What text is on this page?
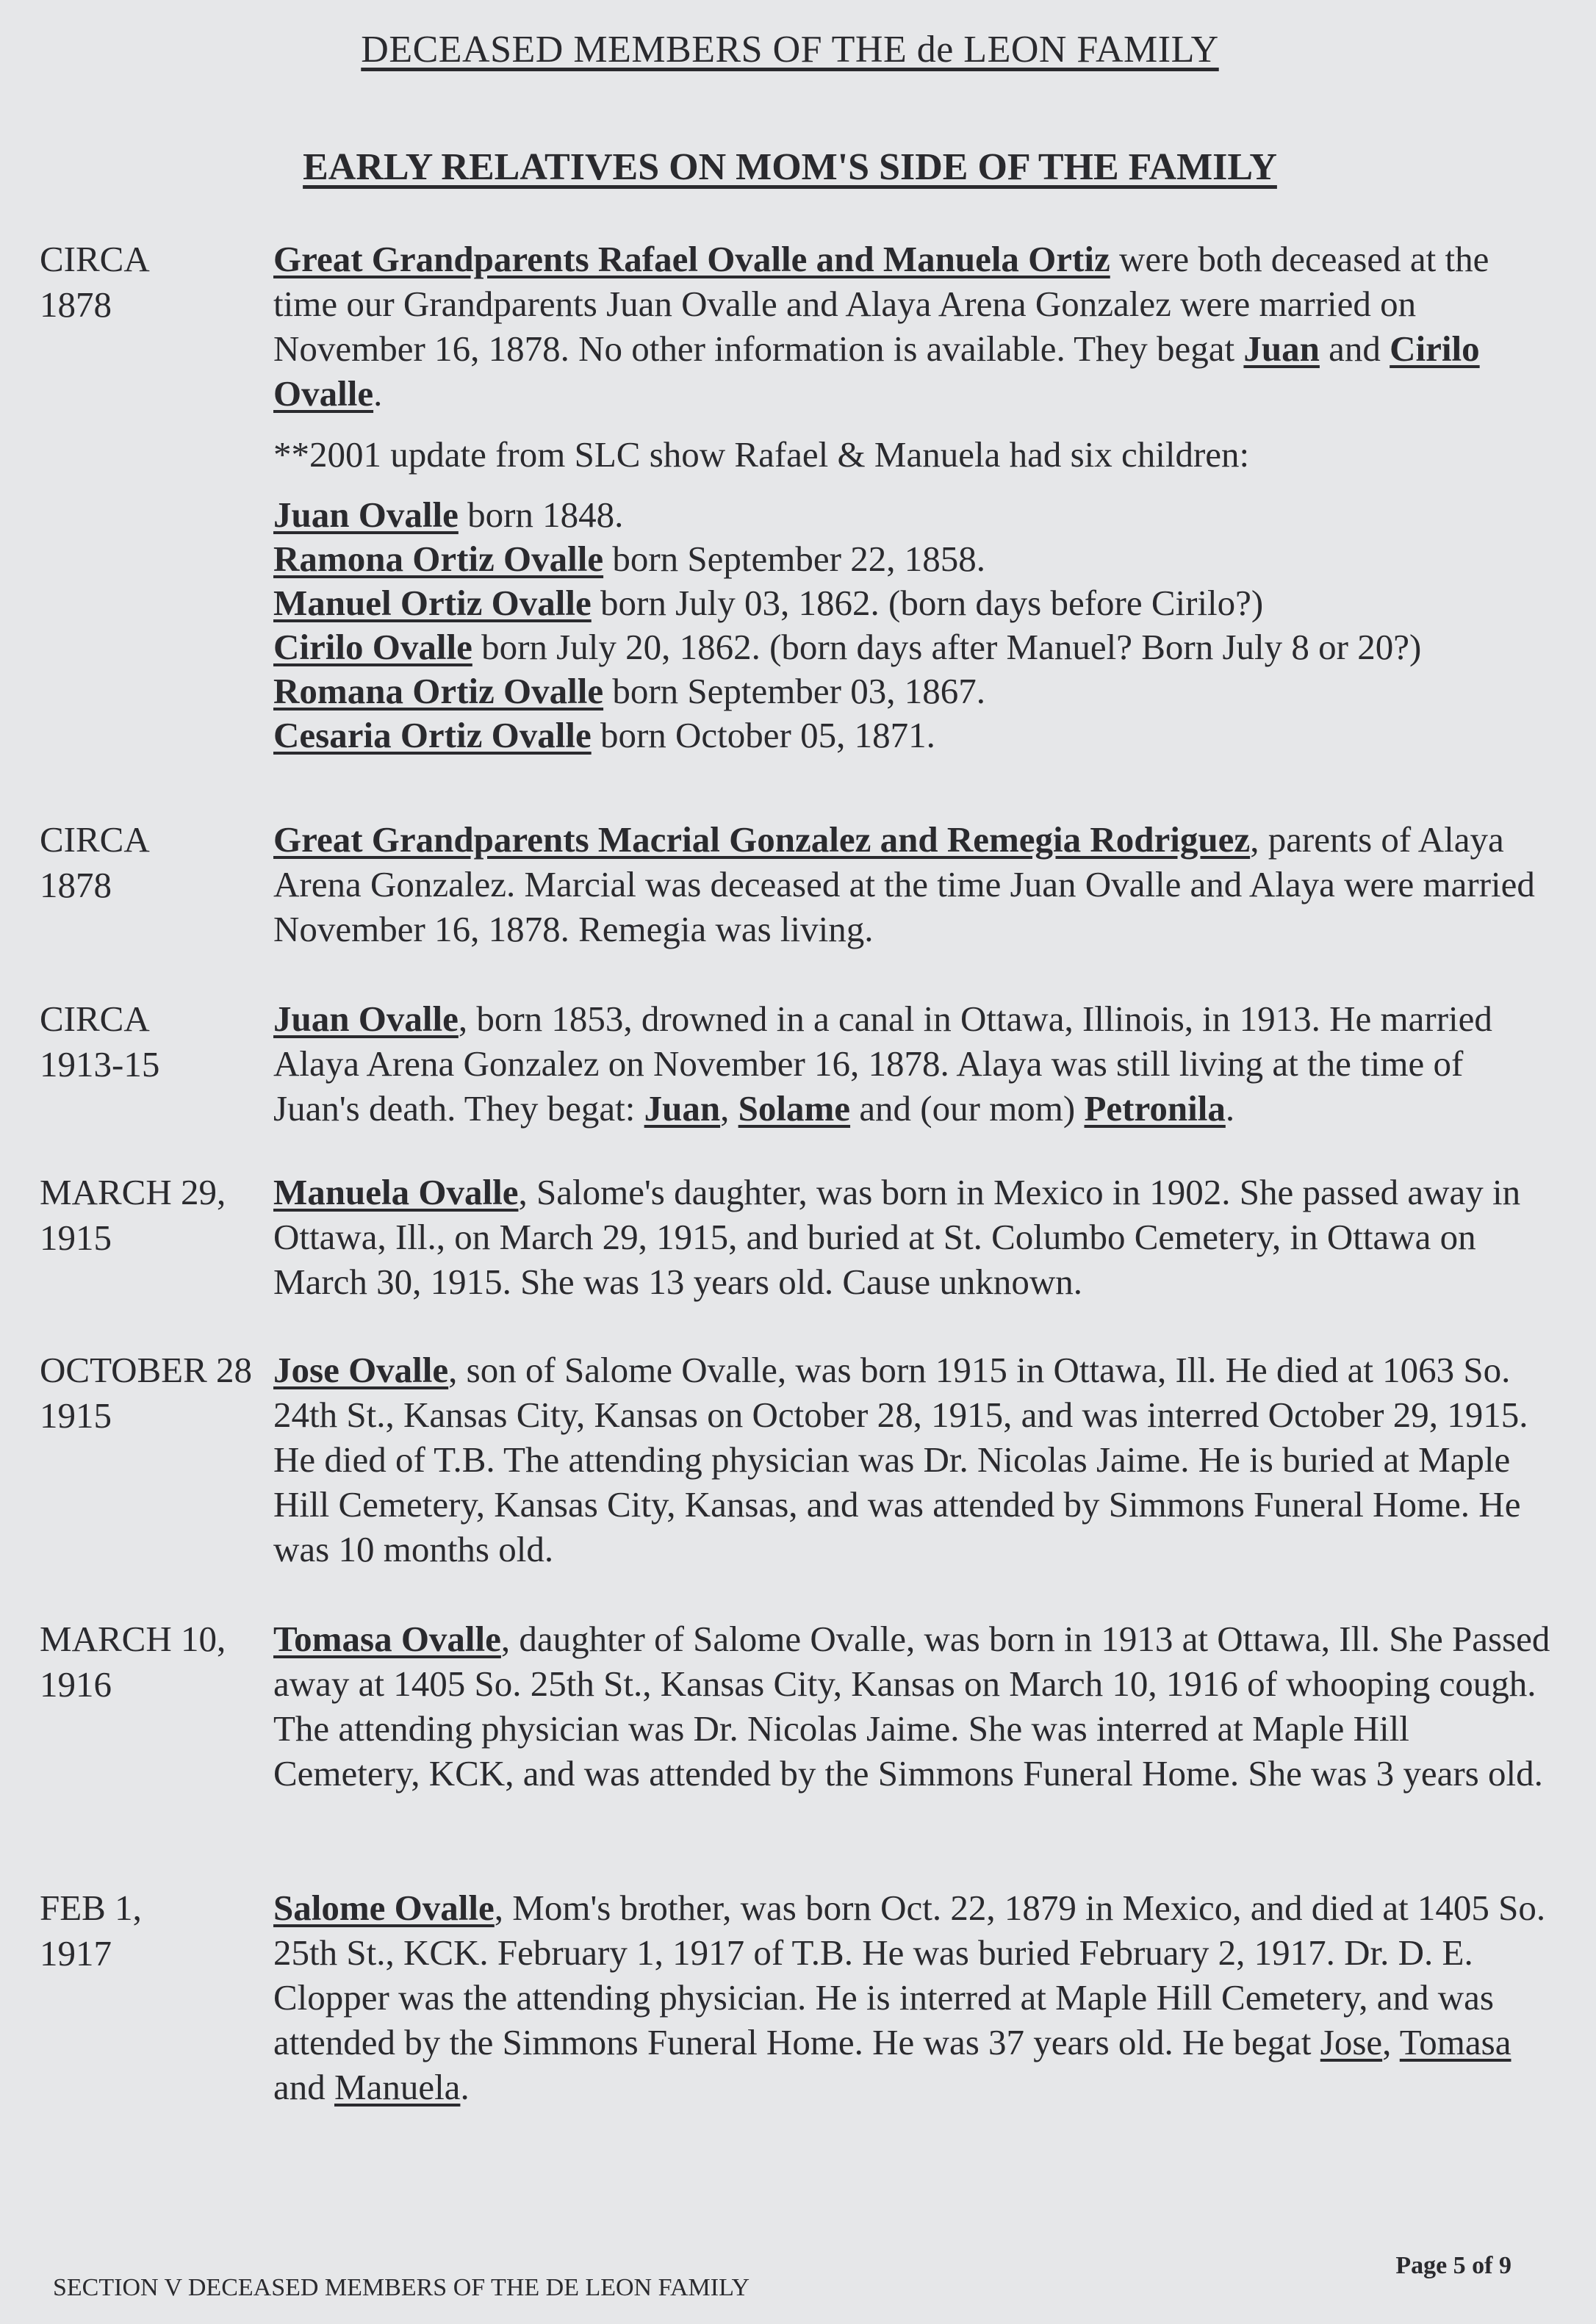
DECEASED MEMBERS OF THE de LEON FAMILY
EARLY RELATIVES ON MOM'S SIDE OF THE FAMILY
CIRCA
1878

Great Grandparents Rafael Ovalle and Manuela Ortiz were both deceased at the time our Grandparents Juan Ovalle and Alaya Arena Gonzalez were married on November 16, 1878. No other information is available. They begat Juan and Cirilo Ovalle.

**2001 update from SLC show Rafael & Manuela had six children:

Juan Ovalle born 1848.
Ramona Ortiz Ovalle born September 22, 1858.
Manuel Ortiz Ovalle born July 03, 1862. (born days before Cirilo?)
Cirilo Ovalle born July 20, 1862. (born days after Manuel? Born July 8 or 20?)
Romana Ortiz Ovalle born September 03, 1867.
Cesaria Ortiz Ovalle born October 05, 1871.
CIRCA
1878

Great Grandparents Macrial Gonzalez and Remegia Rodriguez, parents of Alaya Arena Gonzalez. Marcial was deceased at the time Juan Ovalle and Alaya were married November 16, 1878. Remegia was living.

CIRCA
1913-15

Juan Ovalle, born 1853, drowned in a canal in Ottawa, Illinois, in 1913. He married Alaya Arena Gonzalez on November 16, 1878. Alaya was still living at the time of Juan's death. They begat: Juan, Solame and (our mom) Petronila.

MARCH 29,
1915

Manuela Ovalle, Salome's daughter, was born in Mexico in 1902. She passed away in Ottawa, Ill., on March 29, 1915, and buried at St. Columbo Cemetery, in Ottawa on March 30, 1915. She was 13 years old. Cause unknown.

OCTOBER 28
1915

Jose Ovalle, son of Salome Ovalle, was born 1915 in Ottawa, Ill. He died at 1063 So. 24th St., Kansas City, Kansas on October 28, 1915, and was interred October 29, 1915. He died of T.B. The attending physician was Dr. Nicolas Jaime. He is buried at Maple Hill Cemetery, Kansas City, Kansas, and was attended by Simmons Funeral Home. He was 10 months old.

MARCH 10,
1916

Tomasa Ovalle, daughter of Salome Ovalle, was born in 1913 at Ottawa, Ill. She Passed away at 1405 So. 25th St., Kansas City, Kansas on March 10, 1916 of whooping cough. The attending physician was Dr. Nicolas Jaime. She was interred at Maple Hill Cemetery, KCK, and was attended by the Simmons Funeral Home. She was 3 years old.

FEB 1,
1917

Salome Ovalle, Mom's brother, was born Oct. 22, 1879 in Mexico, and died at 1405 So. 25th St., KCK. February 1, 1917 of T.B. He was buried February 2, 1917. Dr. D. E. Clopper was the attending physician. He is interred at Maple Hill Cemetery, and was attended by the Simmons Funeral Home. He was 37 years old. He begat Jose, Tomasa and Manuela.

SECTION V DECEASED MEMBERS OF THE DE LEON FAMILY
Page 5 of 9
